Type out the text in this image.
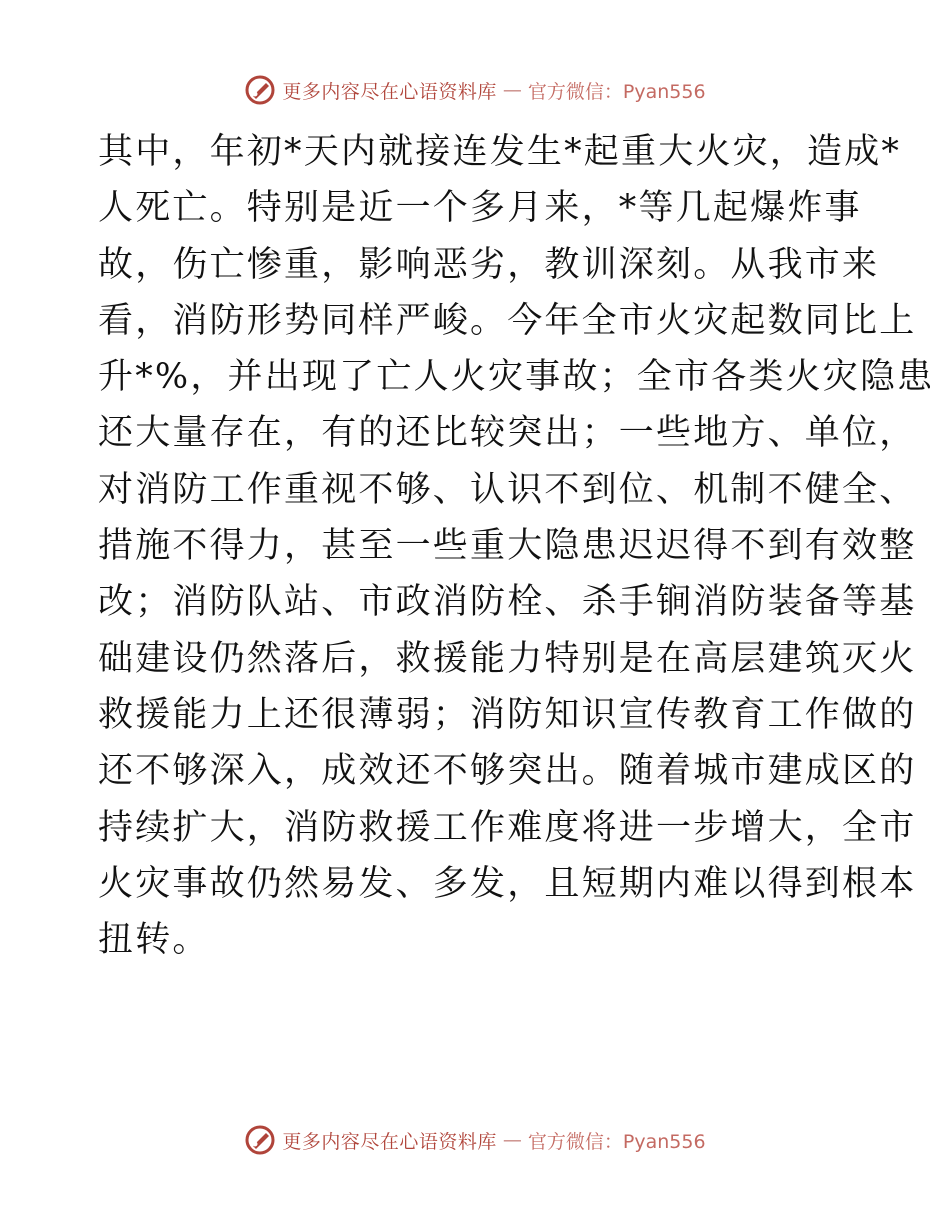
更多内容尽在心语资料库 — 官方微信：Pyan556
其中，年初*天内就接连发生*起重大火灾，造成*
人死亡。特别是近一个多月来，*等几起爆炸事
故，伤亡惨重，影响恶劣，教训深刻。从我市来
看，消防形势同样严峻。今年全市火灾起数同比上
升*%，并出现了亡人火灾事故；全市各类火灾隐患
还大量存在，有的还比较突出；一些地方、单位，
对消防工作重视不够、认识不到位、机制不健全、
措施不得力，甚至一些重大隐患迟迟得不到有效整
改；消防队站、市政消防栓、杀手锏消防装备等基
础建设仍然落后，救援能力特别是在高层建筑灭火
救援能力上还很薄弱；消防知识宣传教育工作做的
还不够深入，成效还不够突出。随着城市建成区的
持续扩大，消防救援工作难度将进一步增大，全市
火灾事故仍然易发、多发，且短期内难以得到根本
扭转。
更多内容尽在心语资料库 — 官方微信：Pyan556
